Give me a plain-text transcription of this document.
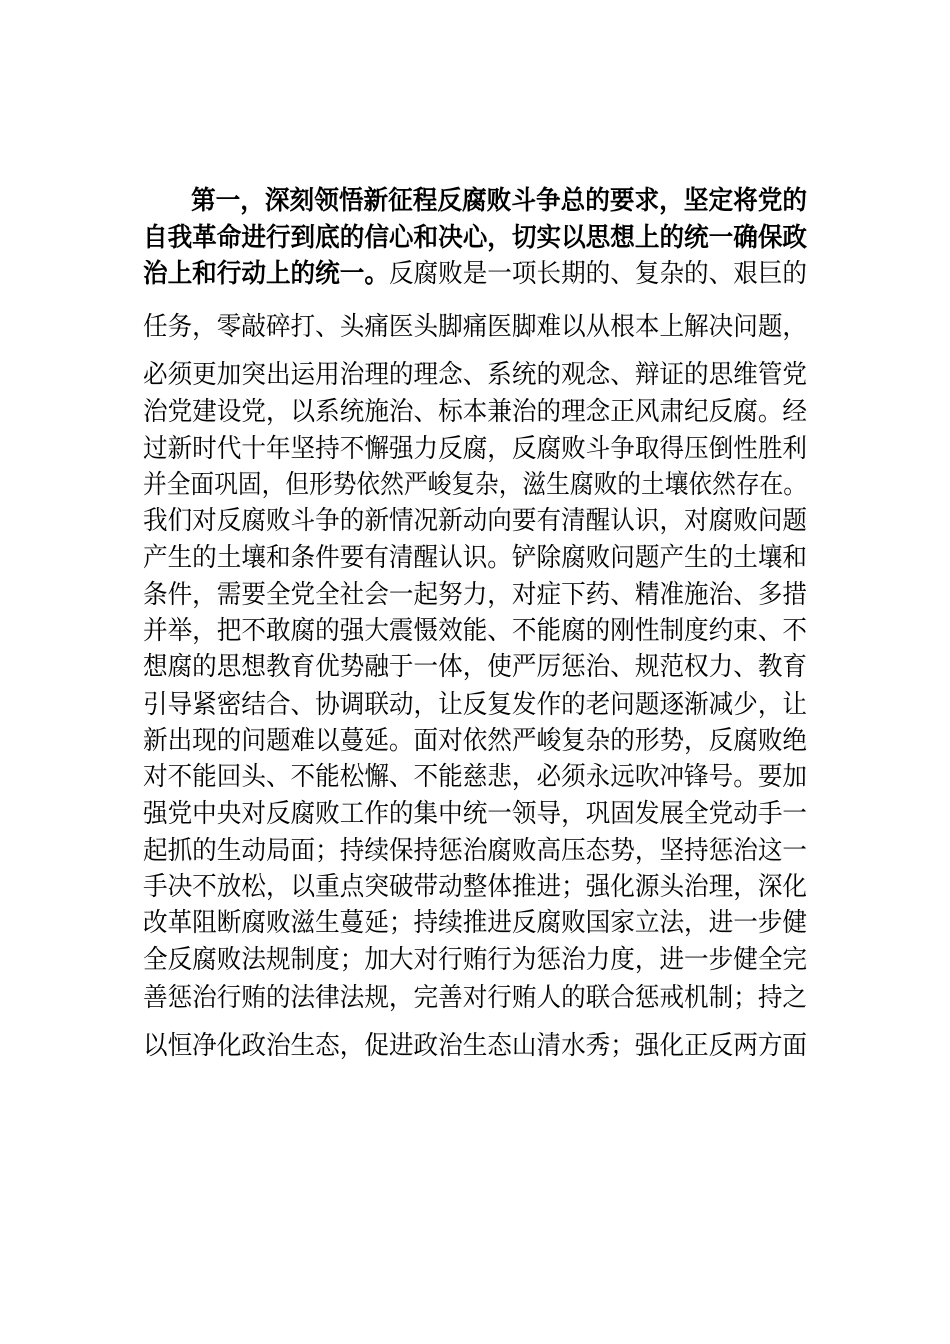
第一，深刻领悟新征程反腐败斗争总的要求，坚定将党的
自我革命进行到底的信心和决心，切实以思想上的统一确保政
治上和行动上的统一。反腐败是一项长期的、复杂的、艰巨的
任务，零敲碎打、头痛医头脚痛医脚难以从根本上解决问题，
必须更加突出运用治理的理念、系统的观念、辩证的思维管党
治党建设党，以系统施治、标本兼治的理念正风肃纪反腐。经
过新时代十年坚持不懈强力反腐，反腐败斗争取得压倒性胜利
并全面巩固，但形势依然严峻复杂，滋生腐败的土壤依然存在。
我们对反腐败斗争的新情况新动向要有清醒认识，对腐败问题
产生的土壤和条件要有清醒认识。铲除腐败问题产生的土壤和
条件，需要全党全社会一起努力，对症下药、精准施治、多措
并举，把不敢腐的强大震慑效能、不能腐的刚性制度约束、不
想腐的思想教育优势融于一体，使严厉惩治、规范权力、教育
引导紧密结合、协调联动，让反复发作的老问题逐渐减少，让
新出现的问题难以蔓延。面对依然严峻复杂的形势，反腐败绝
对不能回头、不能松懈、不能慈悲，必须永远吹冲锋号。要加
强党中央对反腐败工作的集中统一领导，巩固发展全党动手一
起抓的生动局面；持续保持惩治腐败高压态势，坚持惩治这一
手决不放松，以重点突破带动整体推进；强化源头治理，深化
改革阻断腐败滋生蔓延；持续推进反腐败国家立法，进一步健
全反腐败法规制度；加大对行贿行为惩治力度，进一步健全完
善惩治行贿的法律法规，完善对行贿人的联合惩戒机制；持之
以恒净化政治生态，促进政治生态山清水秀；强化正反两方面
